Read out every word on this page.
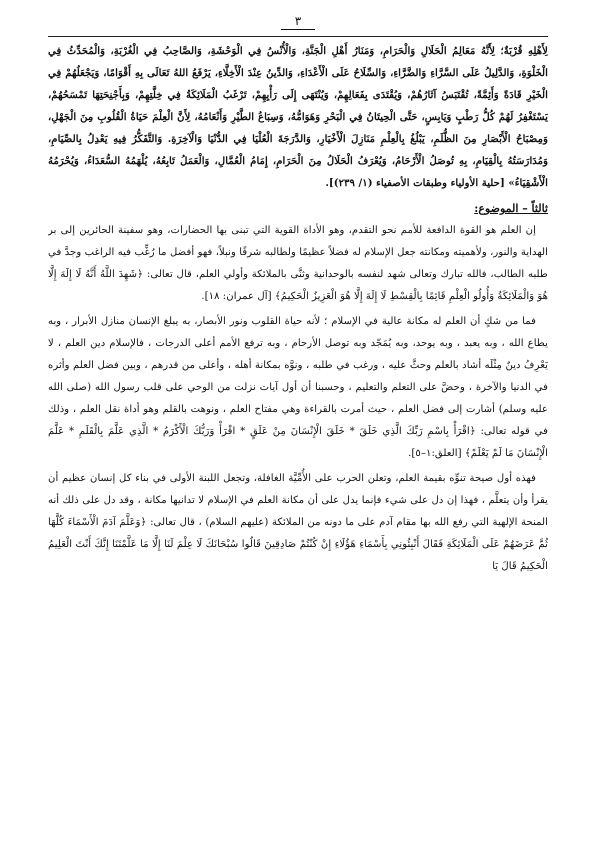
٣

لِأَهْلِهِ قُرْبَةٌ؛ لِأَنَّهُ مَعَالِمُ الْحَلَالِ وَالْحَرَامِ، وَمَنَارُ أَهْلِ الْجَنَّةِ، وَالْأُنْسُ فِي الْوَحْشَةِ، وَالصَّاحِبُ فِي الْغُرْبَةِ، وَالْمُحَدِّثُ فِي الْخَلْوَةِ، وَالدَّلِيلُ عَلَى السَّرَّاءِ وَالضَّرَّاءِ، وَالسِّلَاحُ عَلَى الْأَعْدَاءِ، وَالدِّينُ عِنْدَ الْأَخِلَّاءِ، يَرْفَعُ اللهُ تَعَالَى بِهِ أَقْوَامًا، وَيَجْعَلُهُمْ فِي الْخَيْرِ قَادَةً وَأَئِمَّةً، تُقْتَبَسُ آثَارُهُمْ، وَيُقْتَدَى بِفَعَالِهِمْ، وَيُنْتَهَى إِلَى رَأْيِهِمْ، تَرْغَبُ الْمَلَائِكَةُ فِي خِلَّتِهِمْ، وَبِأَجْنِحَتِهَا تَمْسَحُهُمْ، يَسْتَغْفِرُ لَهُمْ كُلُّ رَطْبٍ وَيَابِسٍ، حَتَّى الْحِيتَانُ فِي الْبَحْرِ وَهَوَامُّهُ، وَسِبَاعُ الطَّيْرِ وَأَنْعَامُهُ، لِأَنَّ الْعِلْمَ حَيَاةُ الْقُلُوبِ مِنَ الْجَهْلِ، وَمِصْبَاحُ الْأَبْصَارِ مِنَ الظُّلَمِ، يَبْلُغُ بِالْعِلْمِ مَنَازِلَ الْأَخْيَارِ، وَالدَّرَجَةَ الْعُلْيَا فِي الدُّنْيَا وَالْآخِرَةِ. وَالتَّفَكُّرُ فِيهِ يَعْدِلُ بِالصِّيَامِ، وَمُدَارَسَتُهُ بِالْقِيَامِ، بِهِ تُوصَلُ الْأَرْحَامُ، وَيُعْرَفُ الْحَلَالُ مِنَ الْحَرَامِ، إِمَامُ الْعُمَّالِ، وَالْعَمَلُ تَابِعُهُ، يُلْهَمُهُ السُّعَدَاءُ، وَيُحْرَمُهُ الْأَشْقِيَاءُ» [حلية الأولياء وطبقات الأصفياء (١/ ٢٣٩)].

ثالثاً – الموضوع:

إن العلم هو القوة الدافعة للأمم نحو التقدم، وهو الأداة القوية التي تبنى بها الحضارات، وهو سفينة الحائرين إلى بر الهداية والنور، ولأهميته ومكانته جعل الإسلام له فضلاً عظيمًا ولطالبه شرفًا ونبلاً، فهو أفضل ما رُغِّب فيه الراغب وجدَّ في طلبه الطالب، فالله تبارك وتعالى شهد لنفسه بالوحدانية وثنَّى بالملائكة وأولي العلم، قال تعالى: ﴿شَهِدَ اللَّهُ أَنَّهُ لَا إِلَهَ إِلَّا هُوَ وَالْمَلَائِكَةُ وَأُولُو الْعِلْمِ قَائِمًا بِالْقِسْطِ لَا إِلَهَ إِلَّا هُوَ الْعَزِيزُ الْحَكِيمُ﴾ [آل عمران: ١٨].

فما من شكٍ أن العلم له مكانة عالية في الإسلام ؛ لأنه حياة القلوب ونور الأبصار، به يبلغ الإنسان منازل الأبرار ، وبه يطاع الله ، وبه يعبد ، وبه يوحد، وبه يُمَجّد وبه توصل الأرحام ، وبه ترفع الأمم أعلى الدرجات ، فالإسلام دين العلم ، لا يَعْرِفُ دينٌ مِثْلَه أشاد بالعلم وحثَّ عليه ، ورغب في طلبه ، ونوَّه بمكانة أهله ، وأعلى من قدرهم ، وبين فضل العلم وأثره في الدنيا والآخرة ، وحضَّ على التعلم والتعليم ، وحسبنا أن أول آيات نزلت من الوحي على قلب رسول الله (صلى الله عليه وسلم) أشارت إلى فضل العلم ، حيث أمرت بالقراءة وهي مفتاح العلم ، ونوهت بالقلم وهو أداة نقل العلم ، وذلك في قوله تعالى: ﴿اقْرَأْ بِاسْمِ رَبِّكَ الَّذِي خَلَقَ * خَلَقَ الْإِنْسَانَ مِنْ عَلَقٍ * اقْرَأْ وَرَبُّكَ الْأَكْرَمُ * الَّذِي عَلَّمَ بِالْقَلَمِ * عَلَّمَ الْإِنْسَانَ مَا لَمْ يَعْلَمْ﴾ [العلق:١–٥].

فهذه أول صيحة تنوِّه بقيمة العلم، وتعلن الحرب على الأُمِّيَّة الغافلة، وتجعل اللبنة الأولى في بناء كل إنسان عظيم أن يقرأ وأن يتعلَّم ، فهذا إن دل على شيء فإنما يدل على أن مكانة العلم في الإسلام لا تدانيها مكانة ، وقد دل على ذلك أنه المنحة الإلهية التي رفع الله بها مقام آدم على ما دونه من الملائكة (عليهم السلام) ، قال تعالى: ﴿وَعَلَّمَ آدَمَ الْأَسْمَاءَ كُلَّهَا ثُمَّ عَرَضَهُمْ عَلَى الْمَلَائِكَةِ فَقَالَ أَنْبِئُونِي بِأَسْمَاءِ هَؤُلَاءِ إِنْ كُنْتُمْ صَادِقِينَ قَالُوا سُبْحَانَكَ لَا عِلْمَ لَنَا إِلَّا مَا عَلَّمْتَنَا إِنَّكَ أَنْتَ الْعَلِيمُ الْحَكِيمُ قَالَ يَا
